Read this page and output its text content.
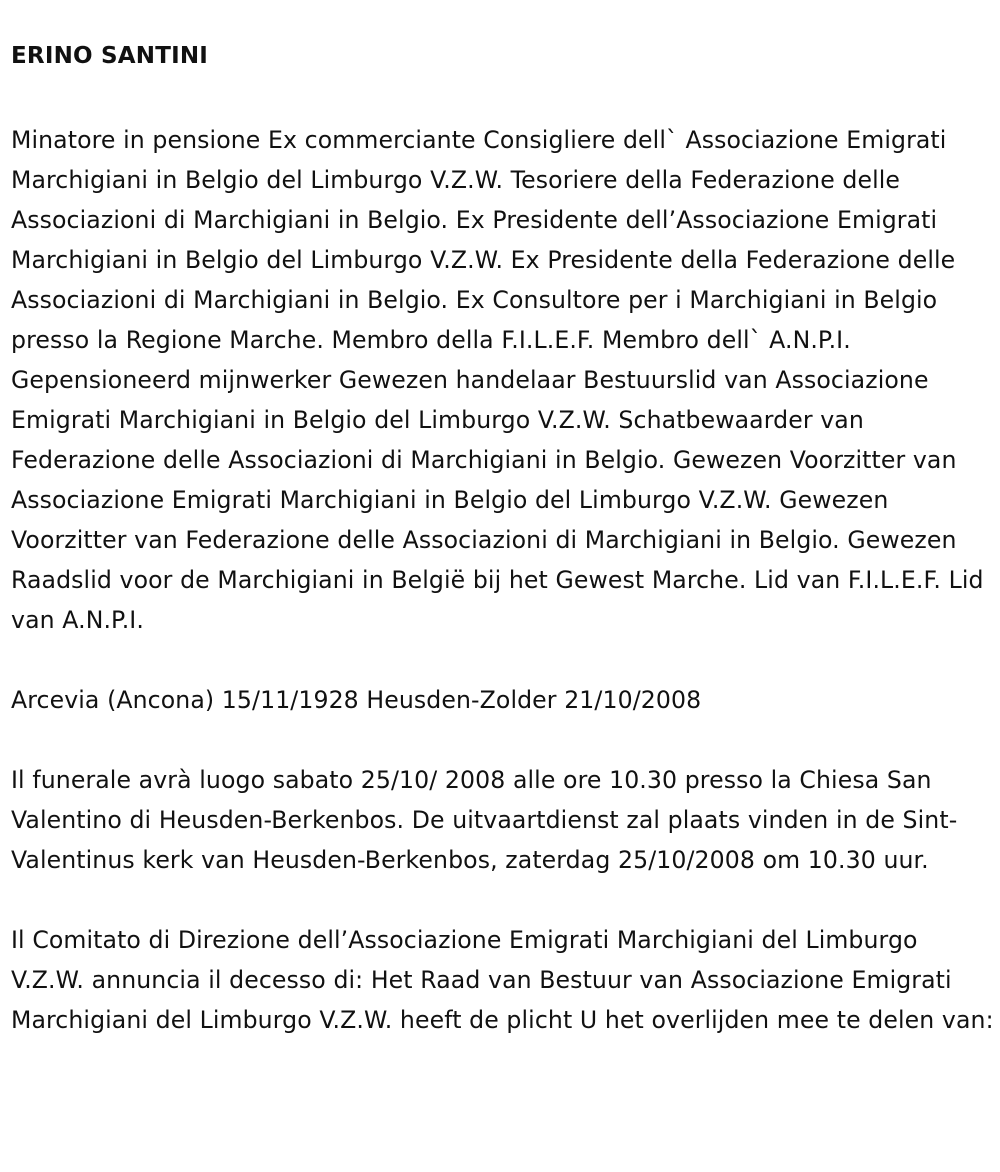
ERINO SANTINI

Minatore in pensione Ex commerciante Consigliere dell` Associazione Emigrati Marchigiani in Belgio del Limburgo V.Z.W. Tesoriere della Federazione delle Associazioni di Marchigiani in Belgio. Ex Presidente dell’Associazione Emigrati Marchigiani in Belgio del Limburgo V.Z.W. Ex Presidente della Federazione delle Associazioni di Marchigiani in Belgio. Ex Consultore per i Marchigiani in Belgio presso la Regione Marche. Membro della F.I.L.E.F. Membro dell` A.N.P.I. Gepensioneerd mijnwerker Gewezen handelaar Bestuurslid van Associazione Emigrati Marchigiani in Belgio del Limburgo V.Z.W. Schatbewaarder van Federazione delle Associazioni di Marchigiani in Belgio. Gewezen Voorzitter van Associazione Emigrati Marchigiani in Belgio del Limburgo V.Z.W. Gewezen Voorzitter van Federazione delle Associazioni di Marchigiani in Belgio. Gewezen Raadslid voor de Marchigiani in België bij het Gewest Marche. Lid van F.I.L.E.F. Lid van A.N.P.I.

Arcevia (Ancona) 15/11/1928 Heusden-Zolder 21/10/2008

Il funerale avrà luogo sabato 25/10/ 2008 alle ore 10.30 presso la Chiesa San Valentino di Heusden-Berkenbos. De uitvaartdienst zal plaats vinden in de Sint- Valentinus kerk van Heusden-Berkenbos, zaterdag 25/10/2008 om 10.30 uur.

Il Comitato di Direzione dell’Associazione Emigrati Marchigiani del Limburgo V.Z.W. annuncia il decesso di: Het Raad van Bestuur van Associazione Emigrati Marchigiani del Limburgo V.Z.W. heeft de plicht U het overlijden mee te delen van:
